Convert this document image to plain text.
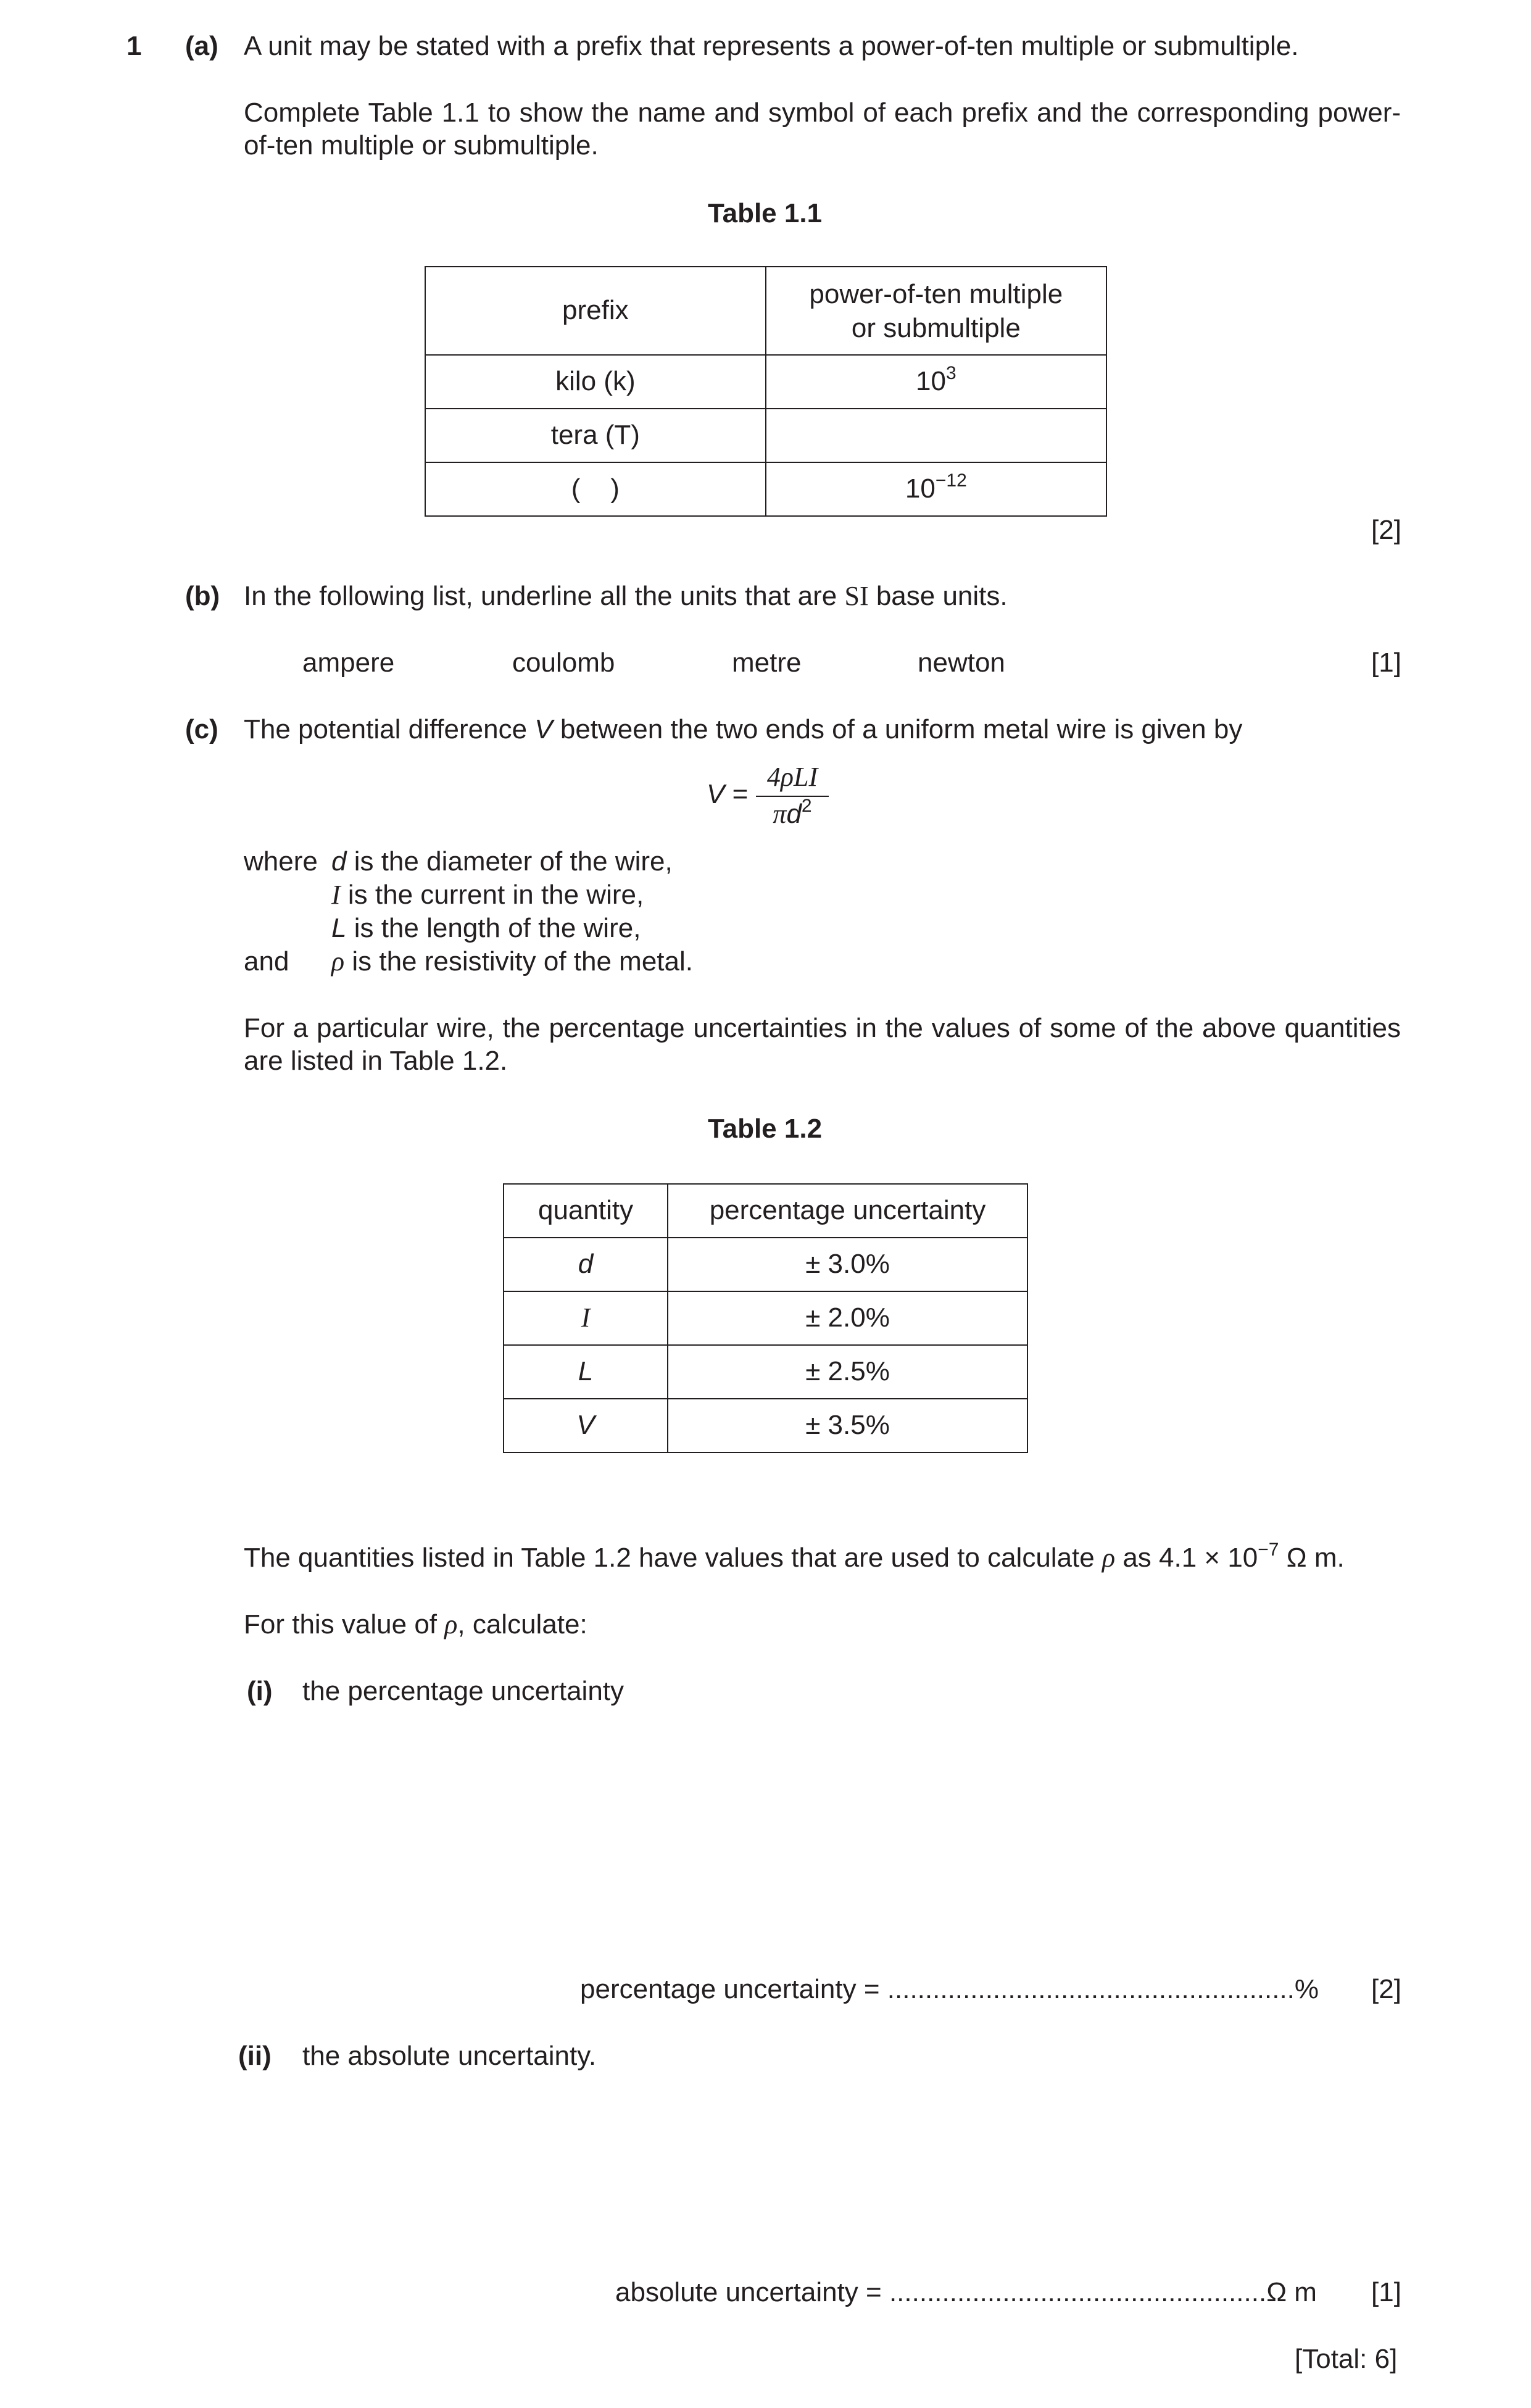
1 (a) A unit may be stated with a prefix that represents a power-of-ten multiple or submultiple.
Complete Table 1.1 to show the name and symbol of each prefix and the corresponding power-of-ten multiple or submultiple.
Table 1.1
prefix	power-of-ten multiple
or submultiple

kilo (k)	$10^3$
tera (T)	
(    )	$10^{-12}$
[2]
(b) In the following list, underline all the units that are SI base units.
ampere	coulomb	metre	newton	[1]
(c) The potential difference V between the two ends of a uniform metal wire is given by
V =
4ρLI
$\pi d^2$
where d is the diameter of the wire,
I is the current in the wire,
L is the length of the wire,
and ρ is the resistivity of the metal.
For a particular wire, the percentage uncertainties in the values of some of the above quantities are listed in Table 1.2.
Table 1.2
quantity	percentage uncertainty
d	± 3.0%
I	± 2.0%
L	± 2.5%
V	± 3.5%
The quantities listed in Table 1.2 have values that are used to calculate ρ as $4.1 \times 10^{-7}$ Ω m.
For this value of ρ, calculate:
(i) the percentage uncertainty
percentage uncertainty = ......................................................% [2]
(ii) the absolute uncertainty.
absolute uncertainty = ..................................................Ω m [1]
[Total: 6]
